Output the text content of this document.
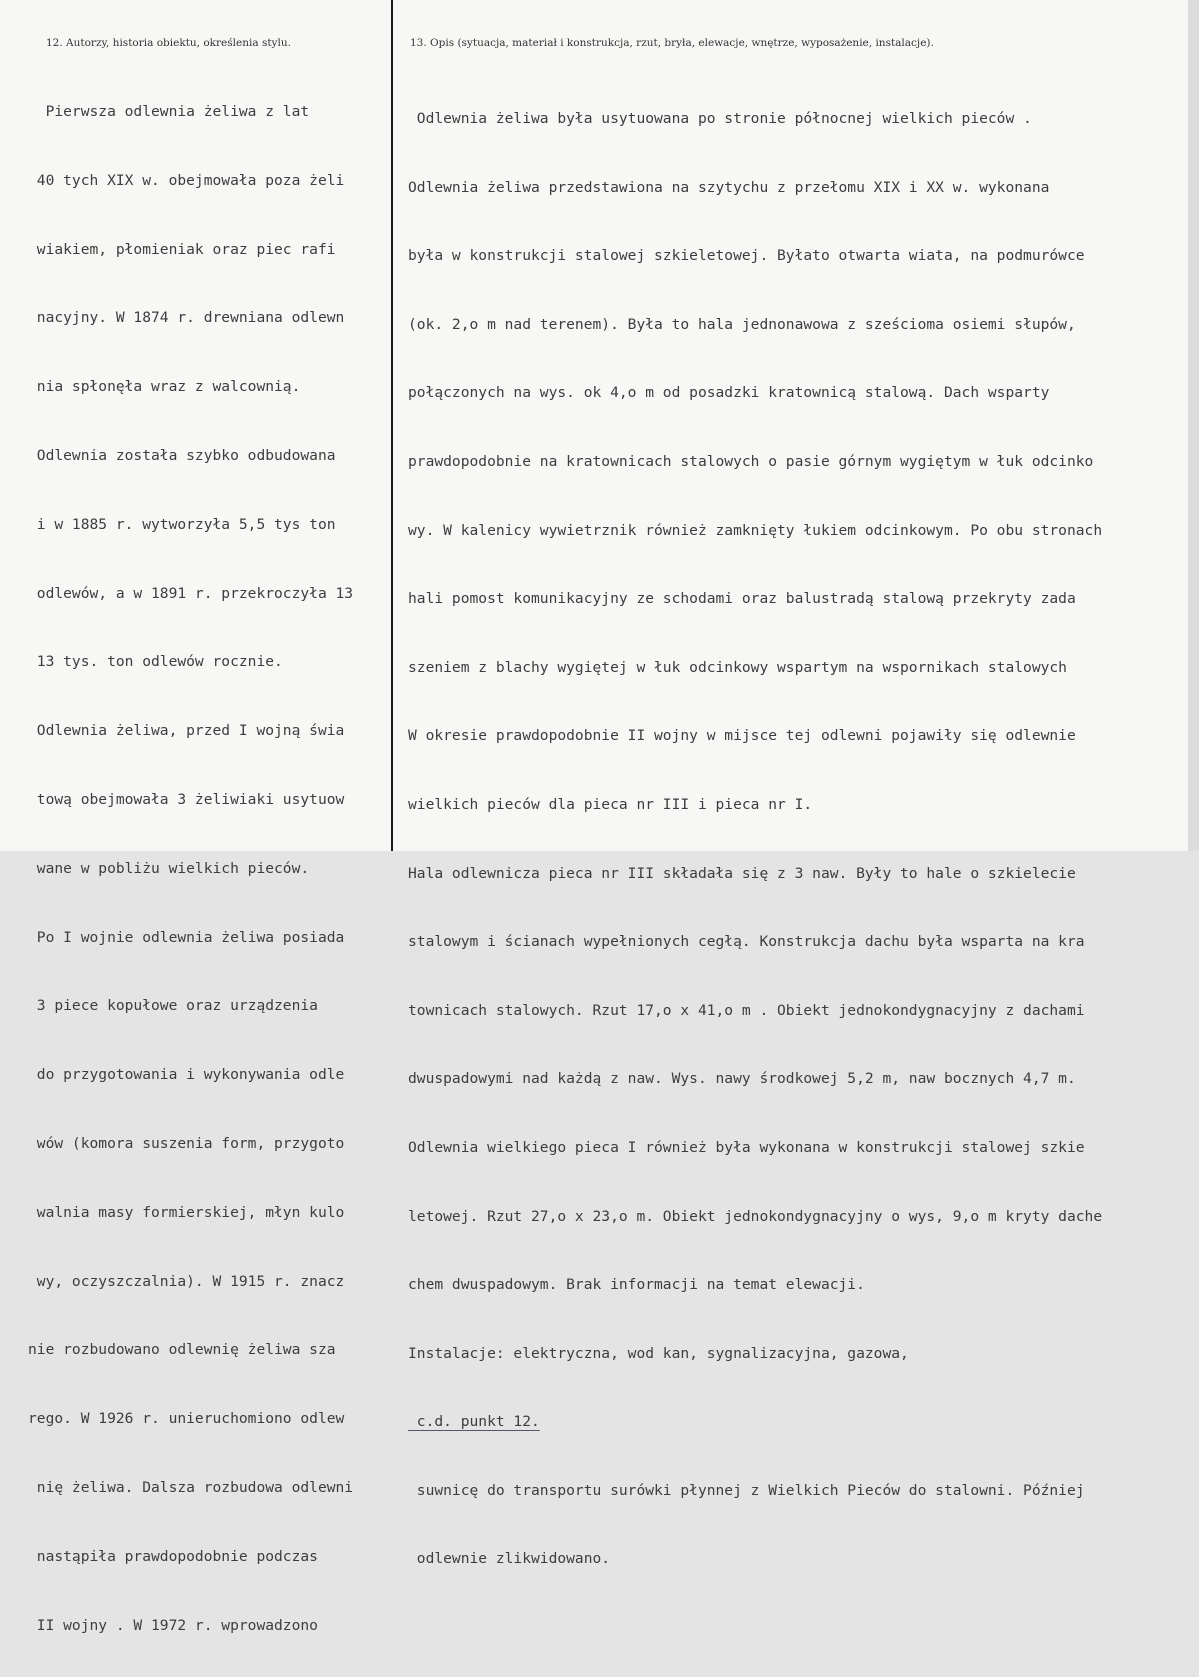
12. Autorzy, historia obiektu, określenia stylu.	13. Opis (sytuacja, materiał i konstrukcja, rzut, bryła, elewacje, wnętrze, wyposażenie, instalacje).

Pierwsza odlewnia żeliwa z lat

40 tych XIX w. obejmowała poza żeli

wiakiem, płomieniak oraz piec rafi

nacyjny. W 1874 r. drewniana odlewn

nia spłonęła wraz z walcownią.

Odlewnia została szybko odbudowana

i w 1885 r. wytworzyła 5,5 tys ton

odlewów, a w 1891 r. przekroczyła 13

13 tys. ton odlewów rocznie.

Odlewnia żeliwa, przed I wojną świa

tową obejmowała 3 żeliwiaki usytuow

wane w pobliżu wielkich pieców.

Po I wojnie odlewnia żeliwa posiada

3 piece kopułowe oraz urządzenia

do przygotowania i wykonywania odle

wów (komora suszenia form, przygoto

walnia masy formierskiej, młyn kulo

wy, oczyszczalnia). W 1915 r. znacz

nie rozbudowano odlewnię żeliwa sza

rego. W 1926 r. unieruchomiono odlew

nię żeliwa. Dalsza rozbudowa odlewni

nastąpiła prawdopodobnie podczas

II wojny . W 1972 r. wprowadzono

Odlewnia żeliwa była usytuowana po stronie północnej wielkich pieców .

Odlewnia żeliwa przedstawiona na szytychu z przełomu XIX i XX w. wykonana

była w konstrukcji stalowej szkieletowej. Byłato otwarta wiata, na podmurówce

(ok. 2,o m nad terenem). Była to hala jednonawowa z sześcioma osiemi słupów,

połączonych na wys. ok 4,o m od posadzki kratownicą stalową. Dach wsparty

prawdopodobnie na kratownicach stalowych o pasie górnym wygiętym w łuk odcinko

wy. W kalenicy wywietrznik również zamknięty łukiem odcinkowym. Po obu stronach

hali pomost komunikacyjny ze schodami oraz balustradą stalową przekryty zada

szeniem z blachy wygiętej w łuk odcinkowy wspartym na wspornikach stalowych

W okresie prawdopodobnie II wojny w mijsce tej odlewni pojawiły się odlewnie

wielkich pieców dla pieca nr III i pieca nr I.

Hala odlewnicza pieca nr III składała się z 3 naw. Były to hale o szkielecie

stalowym i ścianach wypełnionych cegłą. Konstrukcja dachu była wsparta na kra

townicach stalowych. Rzut 17,o x 41,o m . Obiekt jednokondygnacyjny z dachami

dwuspadowymi nad każdą z naw. Wys. nawy środkowej 5,2 m, naw bocznych 4,7 m.

Odlewnia wielkiego pieca I również była wykonana w konstrukcji stalowej szkie

letowej. Rzut 27,o x 23,o m. Obiekt jednokondygnacyjny o wys, 9,o m kryty dache

chem dwuspadowym. Brak informacji na temat elewacji.

Instalacje: elektryczna, wod kan, sygnalizacyjna, gazowa,

c.d. punkt 12.

suwnicę do transportu surówki płynnej z Wielkich Pieców do stalowni. Później

odlewnie zlikwidowano.
